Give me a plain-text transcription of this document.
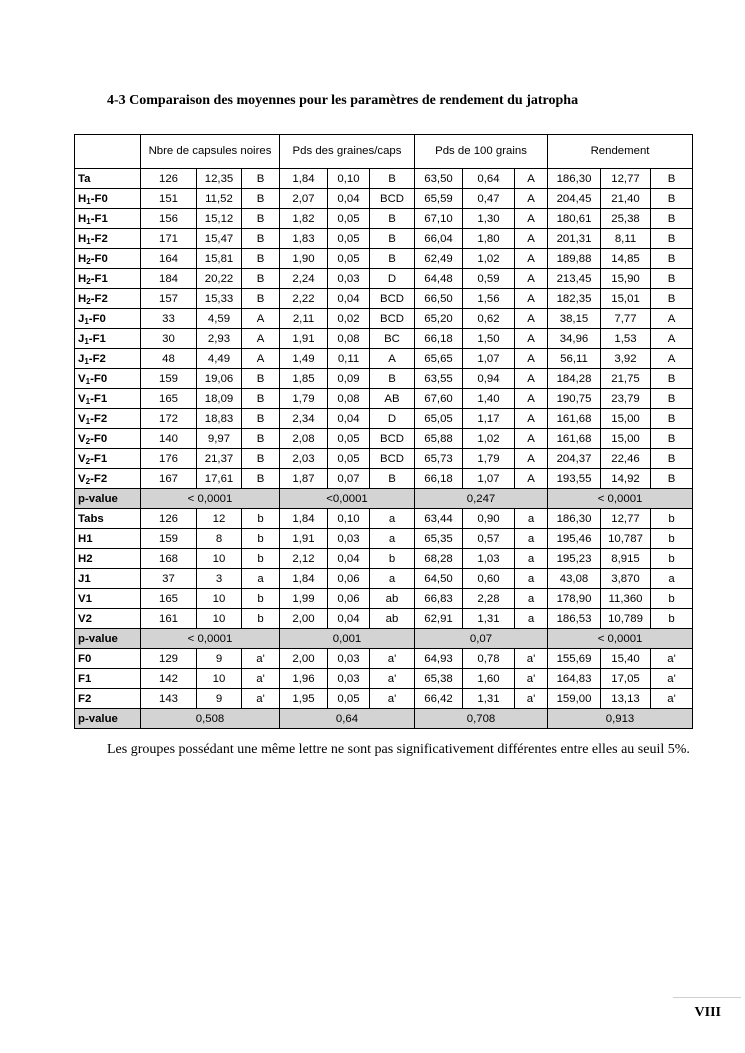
4-3 Comparaison des moyennes pour les paramètres de rendement du jatropha
	Nbre de capsules noires			Pds des graines/caps			Pds de 100 grains			Rendement		
Ta	126	12,35	B	1,84	0,10	B	63,50	0,64	A	186,30	12,77	B
$H_1-F0$	151	11,52	B	2,07	0,04	BCD	65,59	0,47	A	204,45	21,40	B
$H_1-F1$	156	15,12	B	1,82	0,05	B	67,10	1,30	A	180,61	25,38	B
$H_1-F2$	171	15,47	B	1,83	0,05	B	66,04	1,80	A	201,31	8,11	B
$H_2-F0$	164	15,81	B	1,90	0,05	B	62,49	1,02	A	189,88	14,85	B
$H_2-F1$	184	20,22	B	2,24	0,03	D	64,48	0,59	A	213,45	15,90	B
$H_2-F2$	157	15,33	B	2,22	0,04	BCD	66,50	1,56	A	182,35	15,01	B
$J_1-F0$	33	4,59	A	2,11	0,02	BCD	65,20	0,62	A	38,15	7,77	A
$J_1-F1$	30	2,93	A	1,91	0,08	BC	66,18	1,50	A	34,96	1,53	A
$J_1-F2$	48	4,49	A	1,49	0,11	A	65,65	1,07	A	56,11	3,92	A
$V_1-F0$	159	19,06	B	1,85	0,09	B	63,55	0,94	A	184,28	21,75	B
$V_1-F1$	165	18,09	B	1,79	0,08	AB	67,60	1,40	A	190,75	23,79	B
$V_1-F2$	172	18,83	B	2,34	0,04	D	65,05	1,17	A	161,68	15,00	B
$V_2-F0$	140	9,97	B	2,08	0,05	BCD	65,88	1,02	A	161,68	15,00	B
$V_2-F1$	176	21,37	B	2,03	0,05	BCD	65,73	1,79	A	204,37	22,46	B
$V_2-F2$	167	17,61	B	1,87	0,07	B	66,18	1,07	A	193,55	14,92	B
p-value	< 0,0001			<0,0001			0,247			< 0,0001		
Tabs	126	12	b	1,84	0,10	a	63,44	0,90	a	186,30	12,77	b
H1	159	8	b	1,91	0,03	a	65,35	0,57	a	195,46	10,787	b
H2	168	10	b	2,12	0,04	b	68,28	1,03	a	195,23	8,915	b
J1	37	3	a	1,84	0,06	a	64,50	0,60	a	43,08	3,870	a
V1	165	10	b	1,99	0,06	ab	66,83	2,28	a	178,90	11,360	b
V2	161	10	b	2,00	0,04	ab	62,91	1,31	a	186,53	10,789	b
p-value	< 0,0001			0,001			0,07			< 0,0001		
F0	129	9	a'	2,00	0,03	a'	64,93	0,78	a'	155,69	15,40	a'
F1	142	10	a'	1,96	0,03	a'	65,38	1,60	a'	164,83	17,05	a'
F2	143	9	a'	1,95	0,05	a'	66,42	1,31	a'	159,00	13,13	a'
p-value	0,508			0,64			0,708			0,913		
Les groupes possédant une même lettre ne sont pas significativement différentes entre elles au seuil 5%.
VIII
